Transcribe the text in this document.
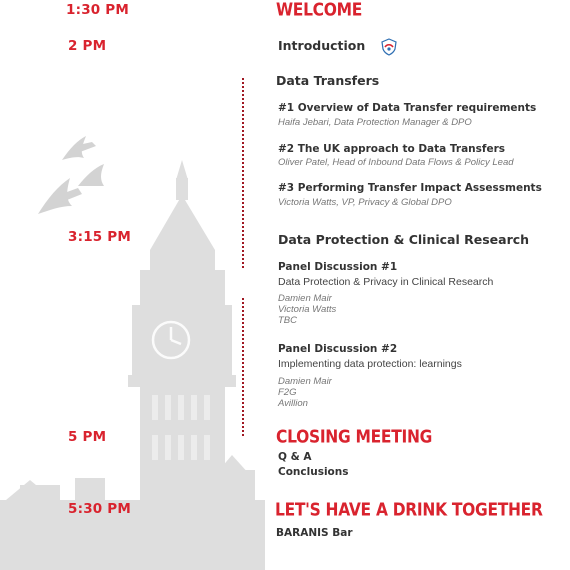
1:30 PM
2 PM
3:15 PM
5 PM
5:30 PM
WELCOME
Introduction
Data Transfers
#1 Overview of Data Transfer requirements
Haifa Jebari, Data Protection Manager & DPO
#2 The UK approach to Data Transfers
Oliver Patel, Head of Inbound Data Flows & Policy Lead
#3 Performing Transfer Impact Assessments
Victoria Watts, VP, Privacy & Global DPO
Data Protection & Clinical Research
Panel Discussion #1
Data Protection & Privacy in Clinical Research
Damien Mair
Victoria Watts
TBC
Panel Discussion #2
Implementing data protection: learnings
Damien Mair
F2G
Avillion
CLOSING MEETING
Q & A
Conclusions
LET'S HAVE A DRINK TOGETHER
BARANIS Bar
